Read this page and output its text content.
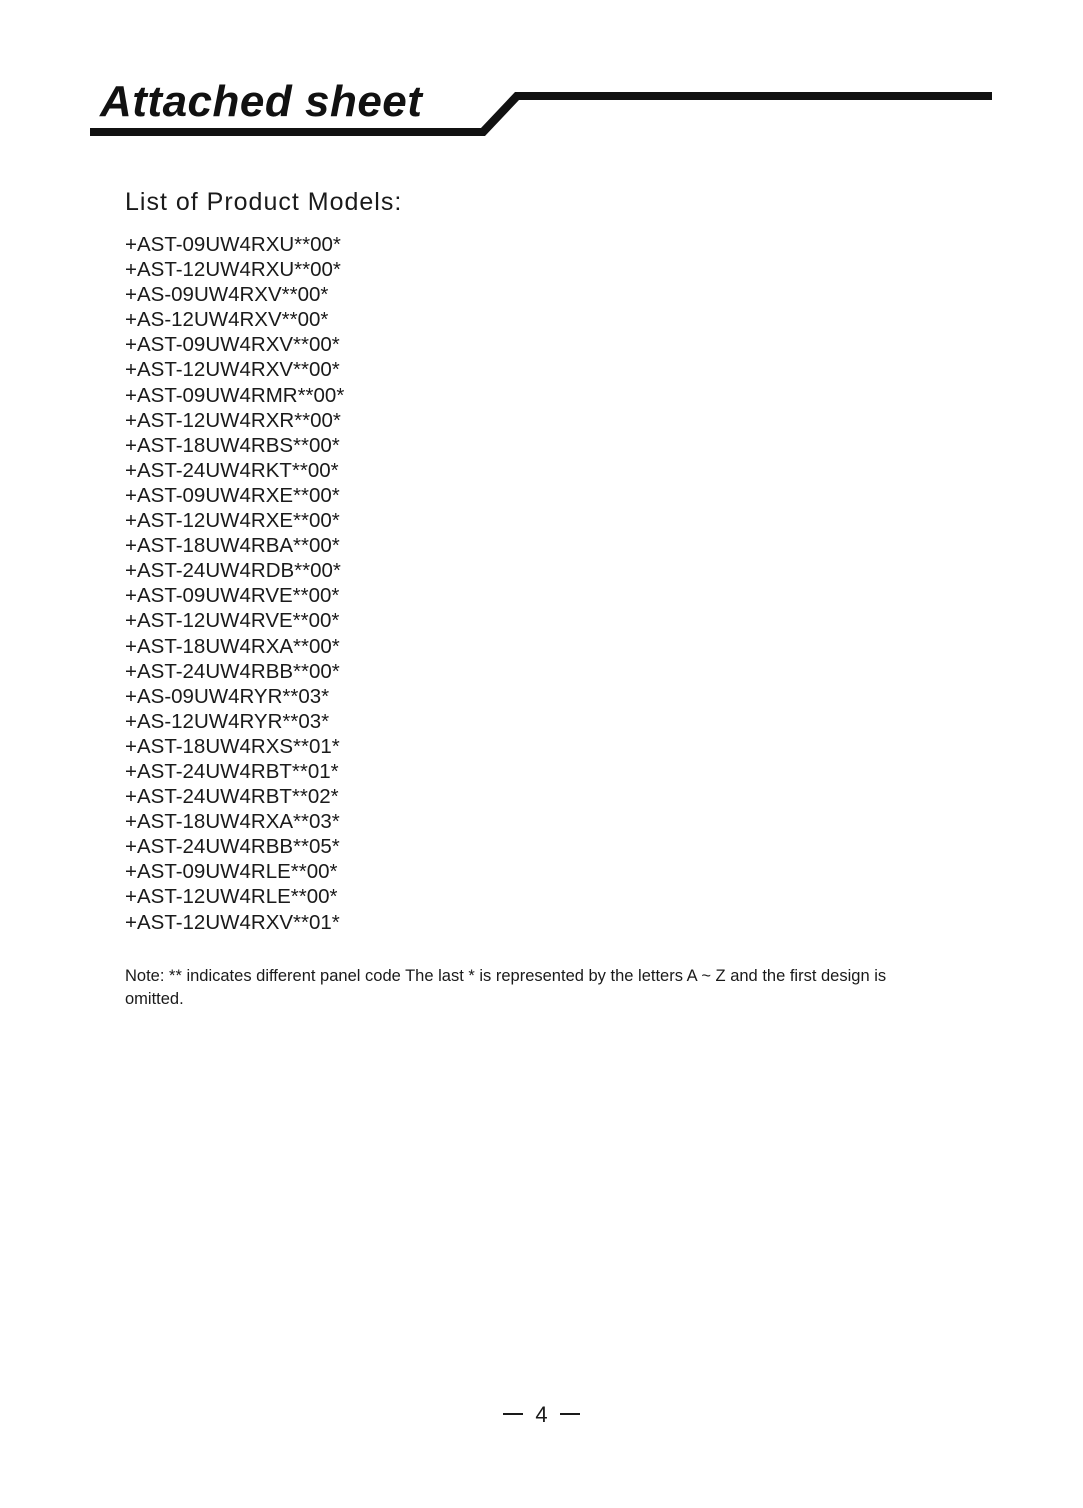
Attached sheet
List of Product Models:
+AST-09UW4RXU**00*
+AST-12UW4RXU**00*
+AS-09UW4RXV**00*
+AS-12UW4RXV**00*
+AST-09UW4RXV**00*
+AST-12UW4RXV**00*
+AST-09UW4RMR**00*
+AST-12UW4RXR**00*
+AST-18UW4RBS**00*
+AST-24UW4RKT**00*
+AST-09UW4RXE**00*
+AST-12UW4RXE**00*
+AST-18UW4RBA**00*
+AST-24UW4RDB**00*
+AST-09UW4RVE**00*
+AST-12UW4RVE**00*
+AST-18UW4RXA**00*
+AST-24UW4RBB**00*
+AS-09UW4RYR**03*
+AS-12UW4RYR**03*
+AST-18UW4RXS**01*
+AST-24UW4RBT**01*
+AST-24UW4RBT**02*
+AST-18UW4RXA**03*
+AST-24UW4RBB**05*
+AST-09UW4RLE**00*
+AST-12UW4RLE**00*
+AST-12UW4RXV**01*

Note: ** indicates different panel code The last * is represented by the letters A ~ Z and the first design is omitted.

4
